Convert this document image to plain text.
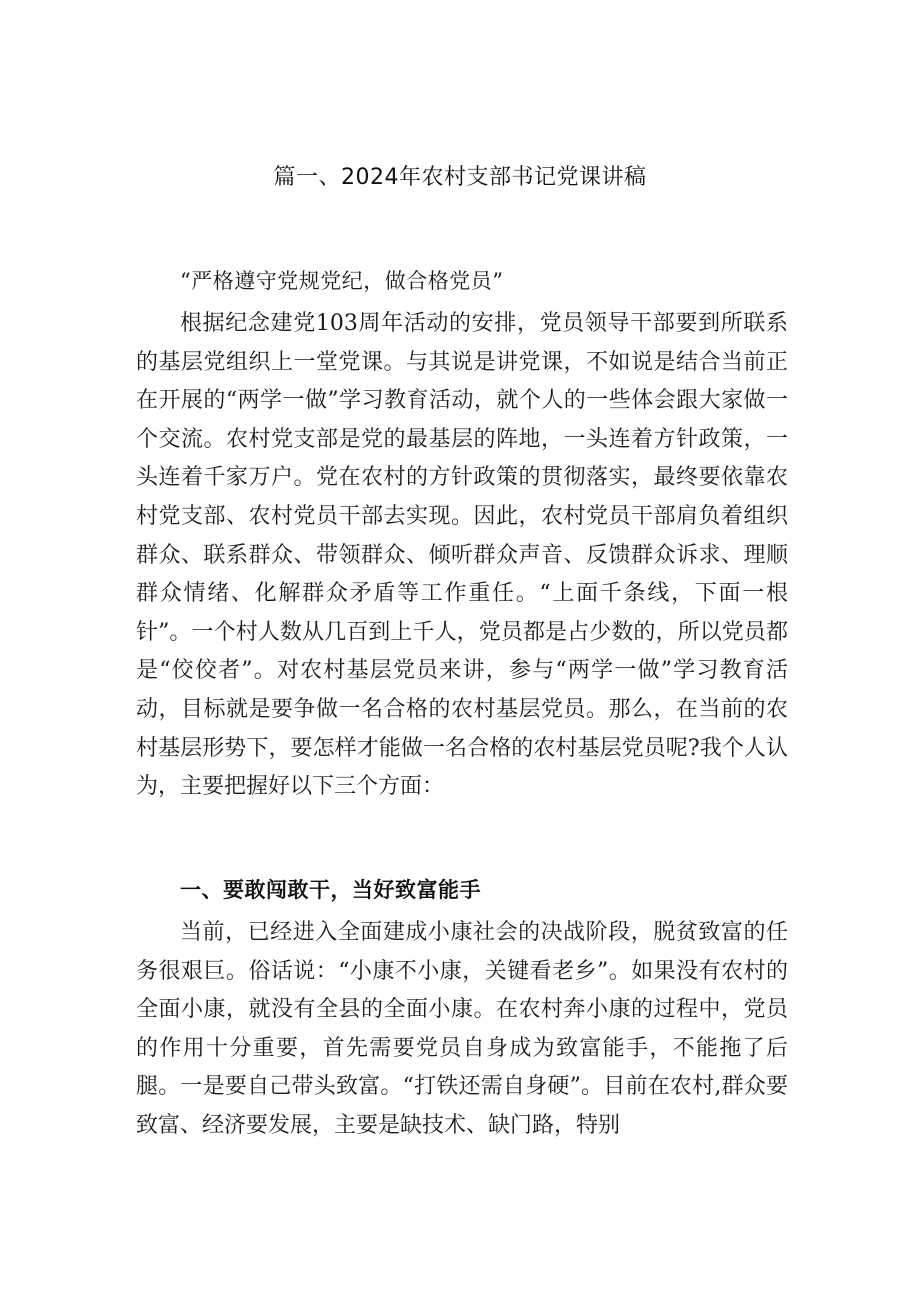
篇一、2024年农村支部书记党课讲稿
“严格遵守党规党纪，做合格党员”

根据纪念建党103周年活动的安排，党员领导干部要到所联系的基层党组织上一堂党课。与其说是讲党课，不如说是结合当前正在开展的“两学一做”学习教育活动，就个人的一些体会跟大家做一个交流。农村党支部是党的最基层的阵地，一头连着方针政策，一头连着千家万户。党在农村的方针政策的贯彻落实，最终要依靠农村党支部、农村党员干部去实现。因此，农村党员干部肩负着组织群众、联系群众、带领群众、倾听群众声音、反馈群众诉求、理顺群众情绪、化解群众矛盾等工作重任。“上面千条线，下面一根针”。一个村人数从几百到上千人，党员都是占少数的，所以党员都是“佼佼者”。对农村基层党员来讲，参与“两学一做”学习教育活动，目标就是要争做一名合格的农村基层党员。那么，在当前的农村基层形势下，要怎样才能做一名合格的农村基层党员呢?我个人认为，主要把握好以下三个方面：

一、要敢闯敢干，当好致富能手

当前，已经进入全面建成小康社会的决战阶段，脱贫致富的任务很艰巨。俗话说：“小康不小康，关键看老乡”。如果没有农村的全面小康，就没有全县的全面小康。在农村奔小康的过程中，党员的作用十分重要，首先需要党员自身成为致富能手，不能拖了后腿。一是要自己带头致富。“打铁还需自身硬”。目前在农村,群众要致富、经济要发展，主要是缺技术、缺门路，特别
